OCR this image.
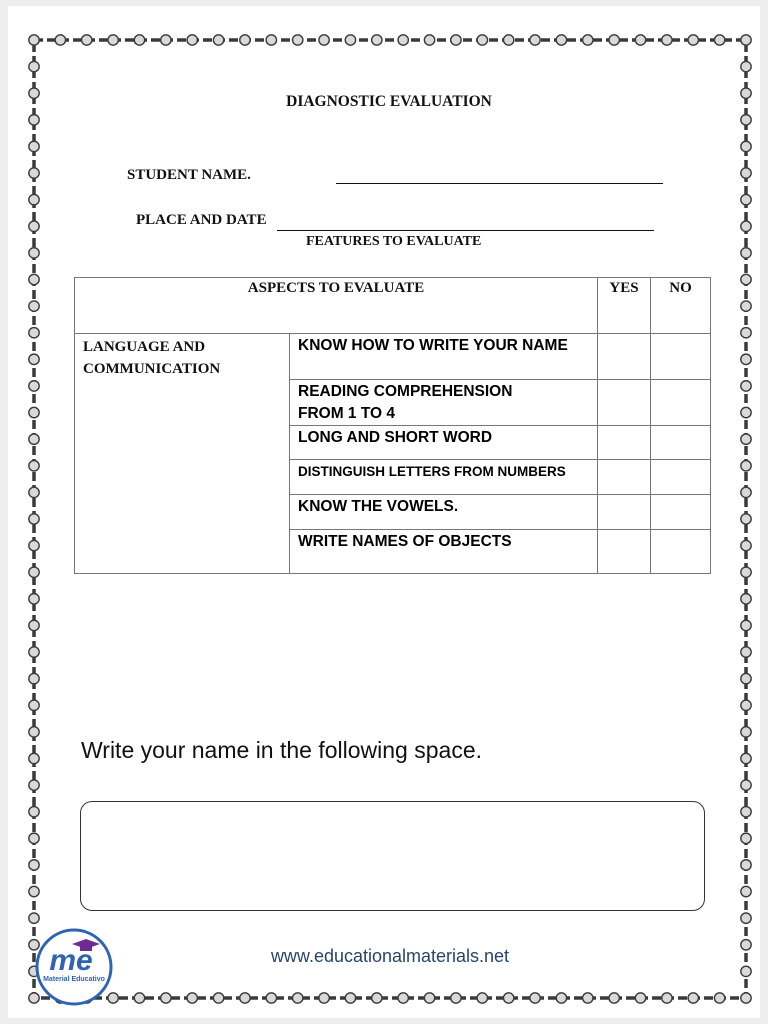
DIAGNOSTIC EVALUATION
STUDENT NAME.
PLACE AND DATE
FEATURES TO EVALUATE
ASPECTS TO EVALUATE		YES	NO

LANGUAGE AND
COMMUNICATION	KNOW HOW TO WRITE YOUR NAME		

	READING COMPREHENSION
FROM 1 TO 4		

	LONG AND SHORT WORD		

	DISTINGUISH LETTERS FROM NUMBERS		

	KNOW THE VOWELS.		

	WRITE NAMES OF OBJECTS		

Write your name in the following space.
www.educationalmaterials.net
me
Material Educativo
